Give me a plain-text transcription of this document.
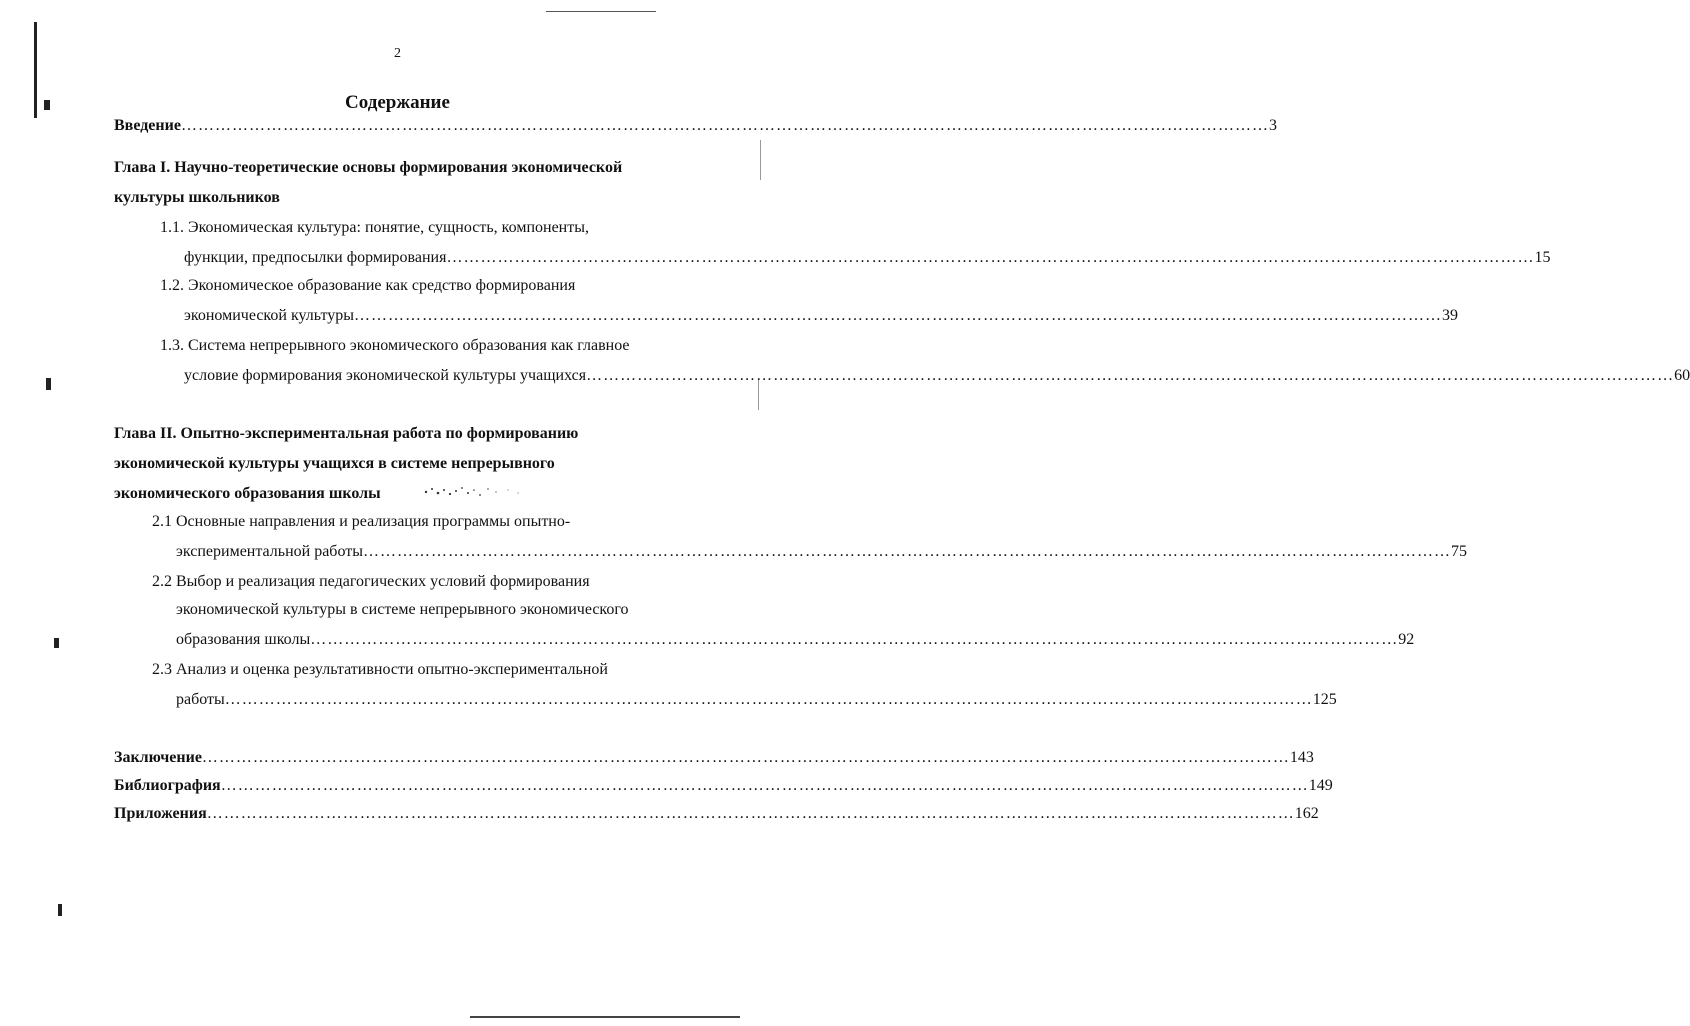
2
Содержание
Введение ………………………………………………………………………………………………………………………………………………………………………… 3
Глава I. Научно-теоретические основы формирования экономической
культуры школьников
1.1. Экономическая культура: понятие, сущность, компоненты,
функции, предпосылки формирования ………………………………………………………………………………………………………………………………………………………………………… 15
1.2. Экономическое образование как средство формирования
экономической культуры ………………………………………………………………………………………………………………………………………………………………………… 39
1.3. Система непрерывного экономического образования как главное
условие формирования экономической культуры учащихся ………………………………………………………………………………………………………………………………………………………………………… 60
Глава II. Опытно-экспериментальная работа по формированию
экономической культуры учащихся в системе непрерывного
экономического образования школы
2.1 Основные направления и реализация программы опытно-
экспериментальной работы ………………………………………………………………………………………………………………………………………………………………………… 75
2.2 Выбор и реализация педагогических условий формирования
экономической культуры в системе непрерывного экономического
образования школы ………………………………………………………………………………………………………………………………………………………………………… 92
2.3 Анализ и оценка результативности опытно-экспериментальной
работы ………………………………………………………………………………………………………………………………………………………………………… 125
Заключение ………………………………………………………………………………………………………………………………………………………………………… 143
Библиография ………………………………………………………………………………………………………………………………………………………………………… 149
Приложения ………………………………………………………………………………………………………………………………………………………………………… 162
